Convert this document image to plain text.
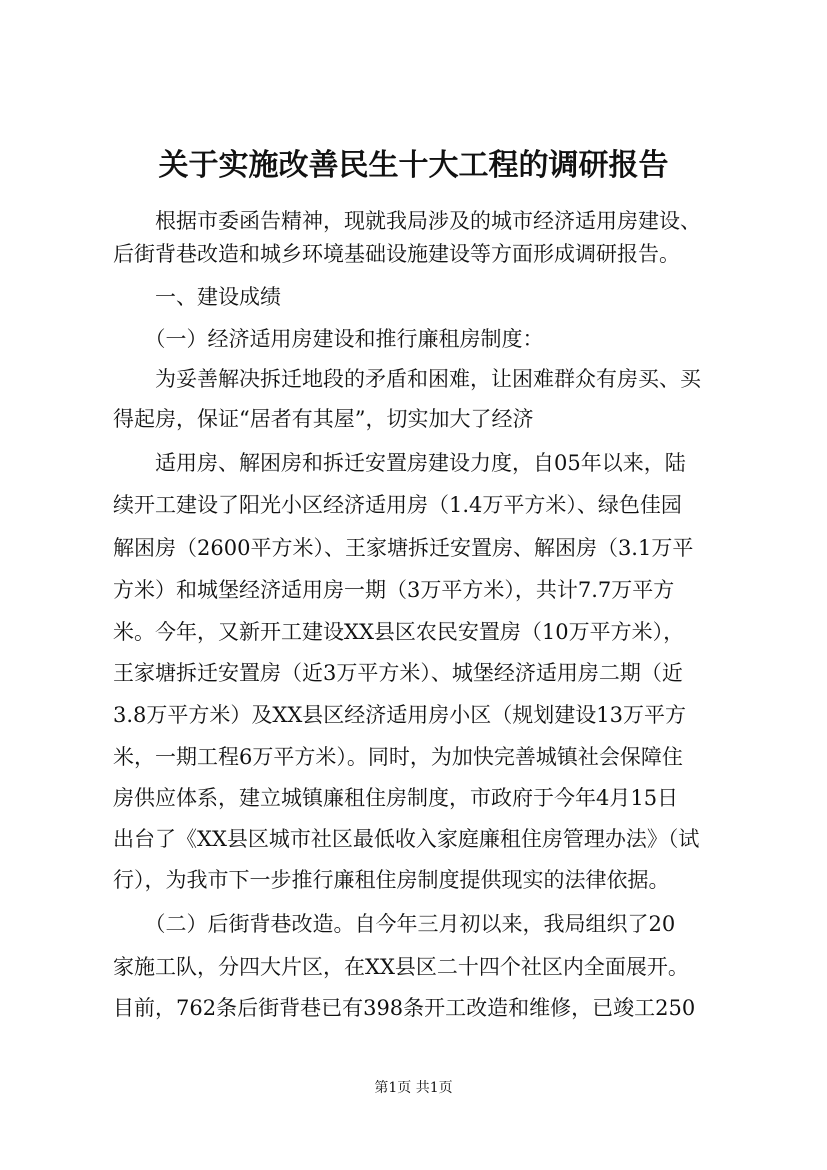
关于实施改善民生十大工程的调研报告

　　根据市委函告精神，现就我局涉及的城市经济适用房建设、

后街背巷改造和城乡环境基础设施建设等方面形成调研报告。

　　一、建设成绩

　　（一）经济适用房建设和推行廉租房制度：

　　为妥善解决拆迁地段的矛盾和困难，让困难群众有房买、买

得起房，保证“居者有其屋”，切实加大了经济

　　适用房、解困房和拆迁安置房建设力度，自05年以来，陆

续开工建设了阳光小区经济适用房（1.4万平方米）、绿色佳园

解困房（2600平方米）、王家塘拆迁安置房、解困房（3.1万平

方米）和城堡经济适用房一期（3万平方米），共计7.7万平方

米。今年，又新开工建设XX县区农民安置房（10万平方米），

王家塘拆迁安置房（近3万平方米）、城堡经济适用房二期（近

3.8万平方米）及XX县区经济适用房小区（规划建设13万平方

米，一期工程6万平方米）。同时，为加快完善城镇社会保障住

房供应体系，建立城镇廉租住房制度，市政府于今年4月15日

出台了《XX县区城市社区最低收入家庭廉租住房管理办法》（试

行），为我市下一步推行廉租住房制度提供现实的法律依据。

　　（二）后街背巷改造。自今年三月初以来，我局组织了20

家施工队，分四大片区，在XX县区二十四个社区内全面展开。

目前，762条后街背巷已有398条开工改造和维修，已竣工250

第1页 共1页
